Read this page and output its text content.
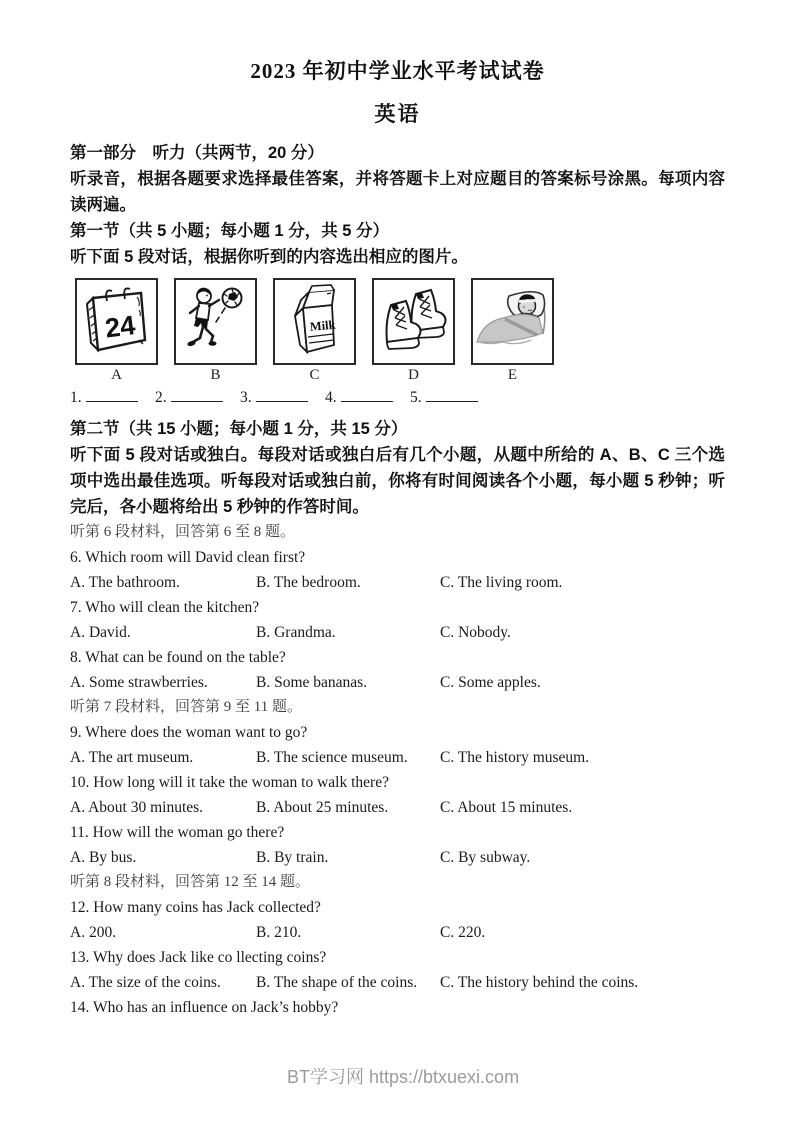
2023 年初中学业水平考试试卷
英语

第一部分　听力（共两节，20 分）

听录音，根据各题要求选择最佳答案，并将答题卡上对应题目的答案标号涂黑。每项内容读两遍。

第一节（共 5 小题；每小题 1 分，共 5 分）

听下面 5 段对话，根据你听到的内容选出相应的图片。

24
A	B
Milk
C	D	E
1.	2.	3.	4.	5.

第二节（共 15 小题；每小题 1 分，共 15 分）

听下面 5 段对话或独白。每段对话或独白后有几个小题，从题中所给的 A、B、C 三个选项中选出最佳选项。听每段对话或独白前，你将有时间阅读各个小题，每小题 5 秒钟；听完后，各小题将给出 5 秒钟的作答时间。

听第 6 段材料，回答第 6 至 8 题。

6. Which room will David clean first?

A. The bathroom.	B. The bedroom.	C. The living room.

7. Who will clean the kitchen?

A. David.	B. Grandma.	C. Nobody.

8. What can be found on the table?

A. Some strawberries.	B. Some bananas.	C. Some apples.

听第 7 段材料，回答第 9 至 11 题。

9. Where does the woman want to go?

A. The art museum.	B. The science museum.	C. The history museum.

10. How long will it take the woman to walk there?

A. About 30 minutes.	B. About 25 minutes.	C. About 15 minutes.

11. How will the woman go there?

A. By bus.	B. By train.	C. By subway.

听第 8 段材料，回答第 12 至 14 题。

12. How many coins has Jack collected?

A. 200.	B. 210.	C. 220.

13. Why does Jack like co llecting coins?

A. The size of the coins.	B. The shape of the coins.	C. The history behind the coins.

14. Who has an influence on Jack’s hobby?

BT学习网 https://btxuexi.com
